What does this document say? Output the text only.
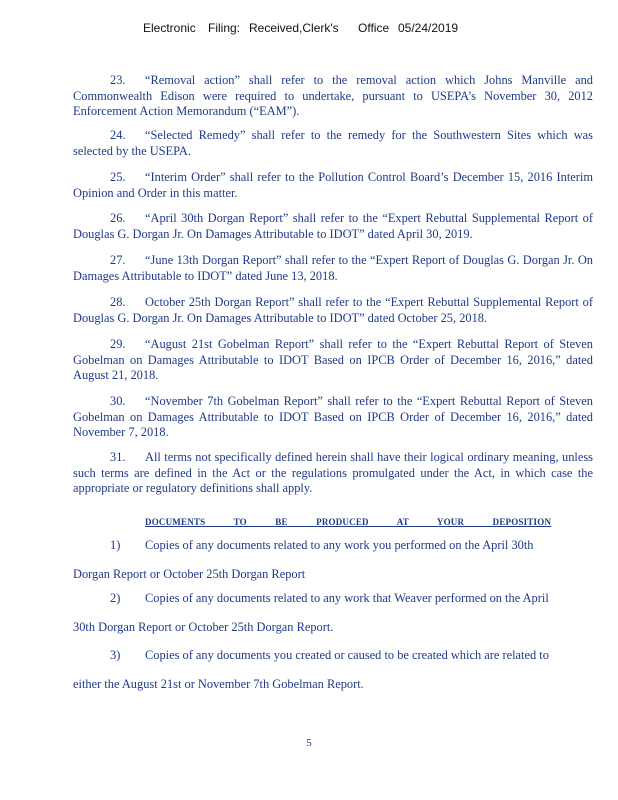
Electronic Filing: Received,Clerk's Office 05/24/2019
23. “Removal action” shall refer to the removal action which Johns Manville and Commonwealth Edison were required to undertake, pursuant to USEPA’s November 30, 2012 Enforcement Action Memorandum (“EAM”).
24. “Selected Remedy” shall refer to the remedy for the Southwestern Sites which was selected by the USEPA.
25. “Interim Order” shall refer to the Pollution Control Board’s December 15, 2016 Interim Opinion and Order in this matter.
26. “April 30th Dorgan Report” shall refer to the “Expert Rebuttal Supplemental Report of Douglas G. Dorgan Jr. On Damages Attributable to IDOT” dated April 30, 2019.
27. “June 13th Dorgan Report” shall refer to the “Expert Report of Douglas G. Dorgan Jr. On Damages Attributable to IDOT” dated June 13, 2018.
28. October 25th Dorgan Report” shall refer to the “Expert Rebuttal Supplemental Report of Douglas G. Dorgan Jr. On Damages Attributable to IDOT” dated October 25, 2018.
29. “August 21st Gobelman Report” shall refer to the “Expert Rebuttal Report of Steven Gobelman on Damages Attributable to IDOT Based on IPCB Order of December 16, 2016,” dated August 21, 2018.
30. “November 7th Gobelman Report” shall refer to the “Expert Rebuttal Report of Steven Gobelman on Damages Attributable to IDOT Based on IPCB Order of December 16, 2016,” dated November 7, 2018.
31. All terms not specifically defined herein shall have their logical ordinary meaning, unless such terms are defined in the Act or the regulations promulgated under the Act, in which case the appropriate or regulatory definitions shall apply.
DOCUMENTS TO BE PRODUCED AT YOUR DEPOSITION
1) Copies of any documents related to any work you performed on the April 30th
Dorgan Report or October 25th Dorgan Report
2) Copies of any documents related to any work that Weaver performed on the April
30th Dorgan Report or October 25th Dorgan Report.
3) Copies of any documents you created or caused to be created which are related to
either the August 21st or November 7th Gobelman Report.
5
